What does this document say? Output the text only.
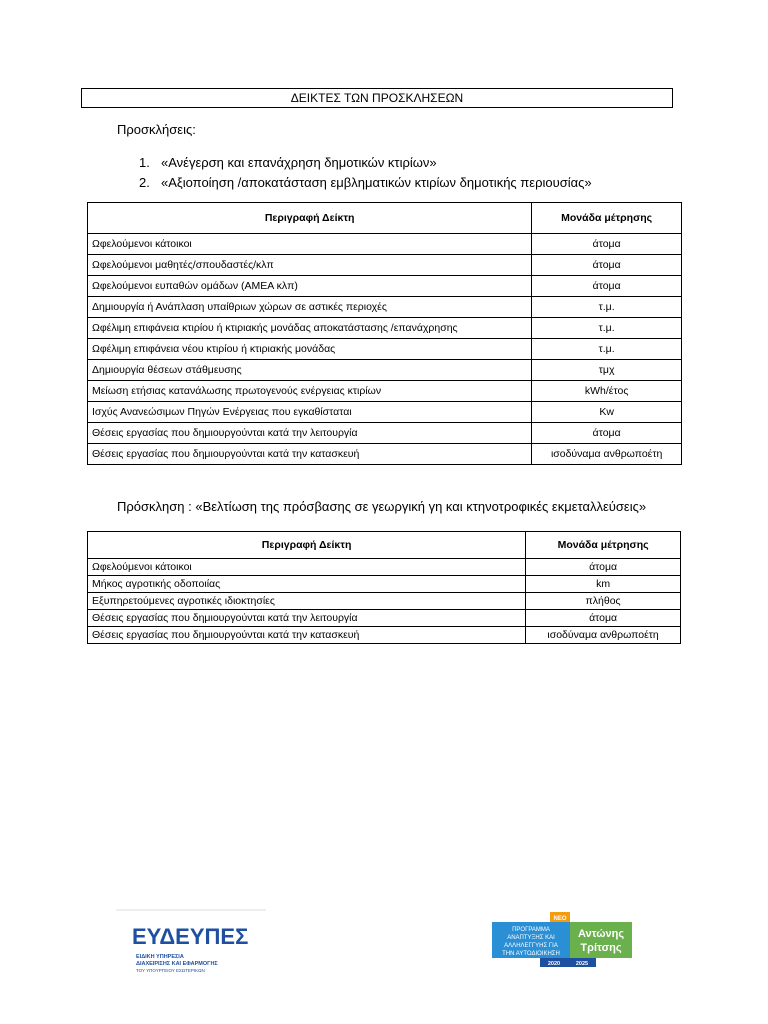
ΔΕΙΚΤΕΣ ΤΩΝ ΠΡΟΣΚΛΗΣΕΩΝ
Προσκλήσεις:
1. «Ανέγερση και επανάχρηση δημοτικών κτιρίων»
2. «Αξιοποίηση /αποκατάσταση εμβληματικών κτιρίων δημοτικής περιουσίας»
Περιγραφή Δείκτη	Μονάδα μέτρησης
Ωφελούμενοι κάτοικοι	άτομα
Ωφελούμενοι μαθητές/σπουδαστές/κλπ	άτομα
Ωφελούμενοι ευπαθών ομάδων (ΑΜΕΑ κλπ)	άτομα
Δημιουργία ή Ανάπλαση υπαίθριων χώρων σε αστικές περιοχές	τ.μ.
Ωφέλιμη επιφάνεια κτιρίου ή κτιριακής μονάδας αποκατάστασης /επανάχρησης	τ.μ.
Ωφέλιμη επιφάνεια νέου κτιρίου ή κτιριακής μονάδας	τ.μ.
Δημιουργία θέσεων στάθμευσης	τμχ
Μείωση ετήσιας κατανάλωσης πρωτογενούς ενέργειας κτιρίων	kWh/έτος
Ισχύς Ανανεώσιμων Πηγών Ενέργειας που εγκαθίσταται	Kw
Θέσεις εργασίας που δημιουργούνται κατά την λειτουργία	άτομα
Θέσεις εργασίας που δημιουργούνται κατά την κατασκευή	ισοδύναμα ανθρωποέτη
Πρόσκληση : «Βελτίωση της πρόσβασης σε γεωργική γη και κτηνοτροφικές εκμεταλλεύσεις»
Περιγραφή Δείκτη	Μονάδα μέτρησης
Ωφελούμενοι κάτοικοι	άτομα
Μήκος αγροτικής οδοποιίας	km
Εξυπηρετούμενες αγροτικές ιδιοκτησίες	πλήθος
Θέσεις εργασίας που δημιουργούνται κατά την λειτουργία	άτομα
Θέσεις εργασίας που δημιουργούνται κατά την κατασκευή	ισοδύναμα ανθρωποέτη
ΕΥΔΕΥΠΕΣ
ΕΙΔΙΚΗ ΥΠΗΡΕΣΙΑ
ΔΙΑΧΕΙΡΙΣΗΣ ΚΑΙ ΕΦΑΡΜΟΓΗΣ
ΤΟΥ ΥΠΟΥΡΓΕΙΟΥ ΕΣΩΤΕΡΙΚΩΝ
ΝΕΟ
ΠΡΟΓΡΑΜΜΑ
ΑΝΑΠΤΥΞΗΣ ΚΑΙ
ΑΛΛΗΛΕΓΓΥΗΣ ΓΙΑ
ΤΗΝ ΑΥΤΟΔΙΟΙΚΗΣΗ
Αντώνης
Τρίτσης
2020	2025
